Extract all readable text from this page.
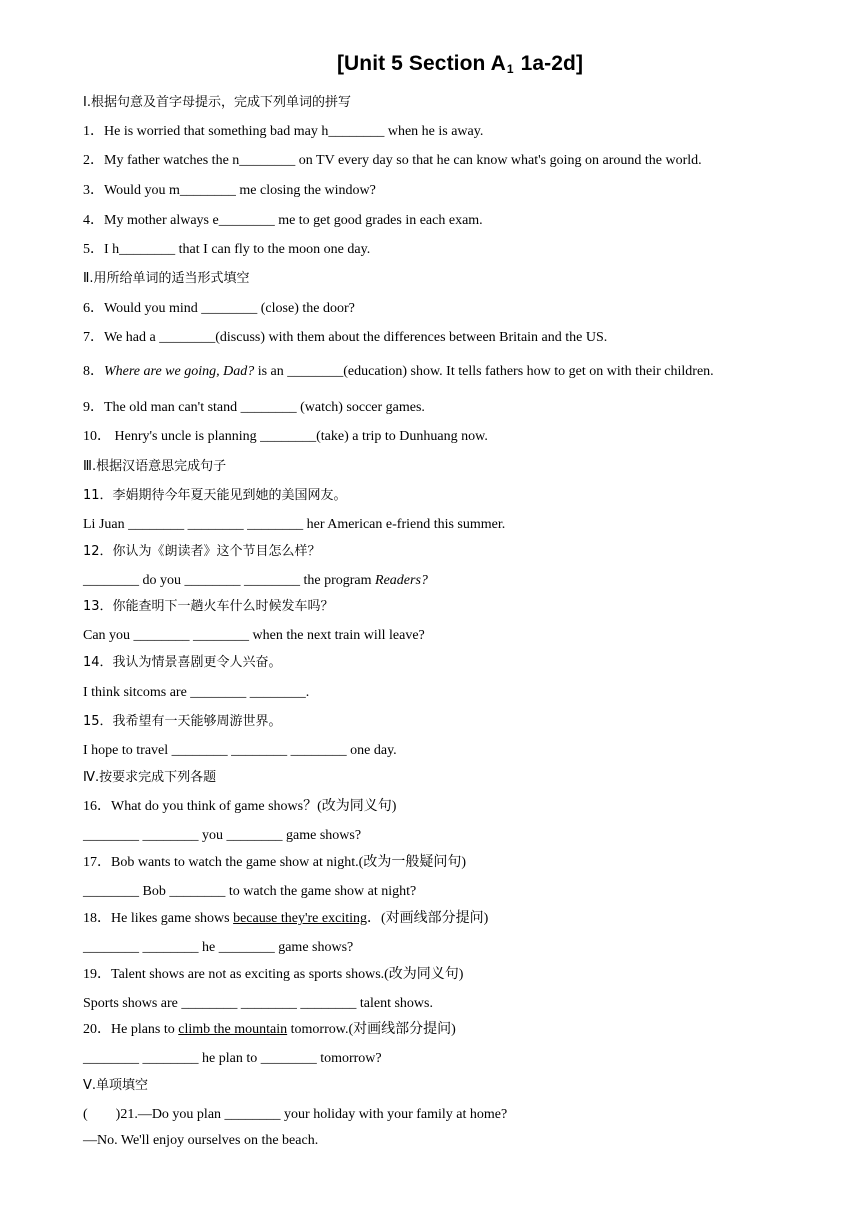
[Unit 5 Section $A_1$ 1a-2d]
Ⅰ.根据句意及首字母提示，完成下列单词的拼写
1．He is worried that something bad may h________ when he is away.
2．My father watches the n________ on TV every day so that he can know what's going on around the world.
3．Would you m________ me closing the window?
4．My mother always e________ me to get good grades in each exam.
5．I h________ that I can fly to the moon one day.
Ⅱ.用所给单词的适当形式填空
6．Would you mind ________ (close) the door?
7．We had a ________(discuss) with them about the differences between Britain and the US.
8．Where are we going, Dad? is an ________(education) show. It tells fathers how to get on with their children.
9．The old man can't stand ________ (watch) soccer games.
10． Henry's uncle is planning ________(take) a trip to Dunhuang now.
Ⅲ.根据汉语意思完成句子
11．李娟期待今年夏天能见到她的美国网友。
Li Juan ________ ________ ________ her American e-friend this summer.
12．你认为《朗读者》这个节目怎么样？
________ do you ________ ________ the program Readers?
13．你能查明下一趟火车什么时候发车吗？
Can you ________ ________ when the next train will leave?
14．我认为情景喜剧更令人兴奋。
I think sitcoms are ________ ________.
15．我希望有一天能够周游世界。
I hope to travel ________ ________ ________ one day.
Ⅳ.按要求完成下列各题
16．What do you think of game shows？(改为同义句)
________ ________ you ________ game shows?
17．Bob wants to watch the game show at night.(改为一般疑问句)
________ Bob ________ to watch the game show at night?
18．He likes game shows because they're exciting．(对画线部分提问)
________ ________ he ________ game shows?
19．Talent shows are not as exciting as sports shows.(改为同义句)
Sports shows are ________ ________ ________ talent shows.
20．He plans to climb the mountain tomorrow.(对画线部分提问)
________ ________ he plan to ________ tomorrow?
Ⅴ.单项填空
(　　)21.—Do you plan ________ your holiday with your family at home?
—No. We'll enjoy ourselves on the beach.
